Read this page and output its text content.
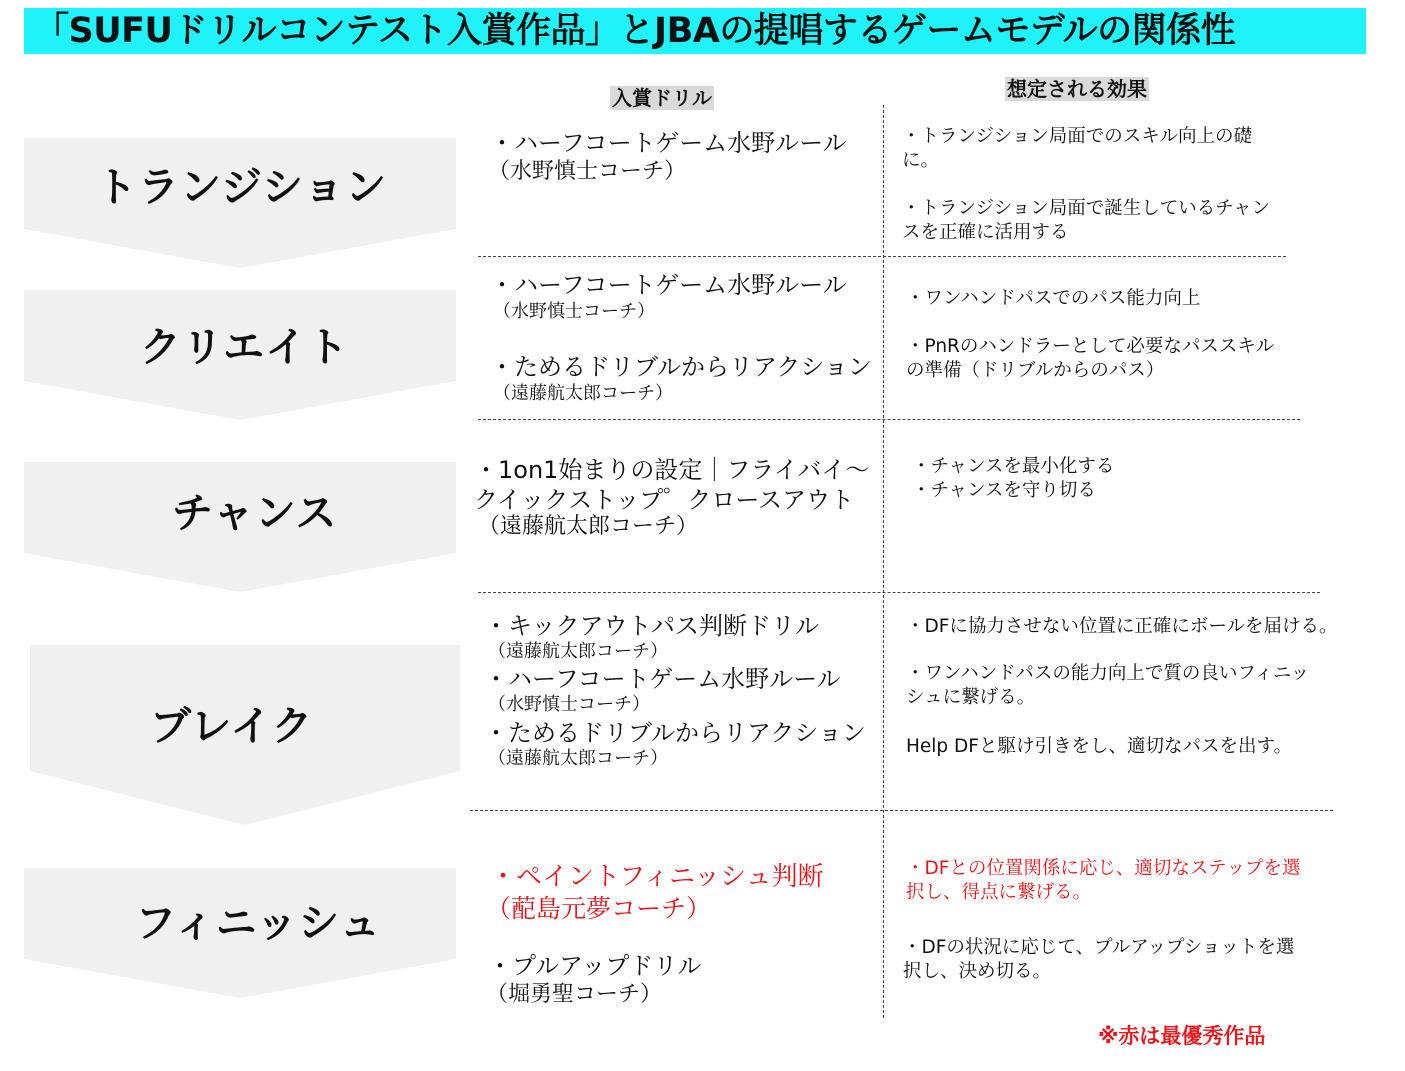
「SUFUドリルコンテスト入賞作品」とJBAの提唱するゲームモデルの関係性
入賞ドリル	想定される効果
トランジション
クリエイト
チャンス
ブレイク
フィニッシュ
・ハーフコートゲーム水野ルール
（水野慎士コーチ）
・トランジション局面でのスキル向上の礎
に。
・トランジション局面で誕生しているチャン
スを正確に活用する
・ハーフコートゲーム水野ルール
（水野慎士コーチ）
・ためるドリブルからリアクション
（遠藤航太郎コーチ）
・ワンハンドパスでのパス能力向上
・PnRのハンドラーとして必要なパススキル
の準備（ドリブルからのパス）
・1on1始まりの設定｜フライバイ～
クイックストップ゜クロースアウト
（遠藤航太郎コーチ）
・チャンスを最小化する
・チャンスを守り切る
・キックアウトパス判断ドリル
（遠藤航太郎コーチ）
・ハーフコートゲーム水野ルール
（水野慎士コーチ）
・ためるドリブルからリアクション
（遠藤航太郎コーチ）
・DFに協力させない位置に正確にボールを届ける。
・ワンハンドパスの能力向上で質の良いフィニッ
シュに繋げる。
Help DFと駆け引きをし、適切なパスを出す。
・ペイントフィニッシュ判断
（蓜島元夢コーチ）
・プルアップドリル
（堀勇聖コーチ）
・DFとの位置関係に応じ、適切なステップを選
択し、得点に繋げる。
・DFの状況に応じて、プルアップショットを選
択し、決め切る。
※赤は最優秀作品
